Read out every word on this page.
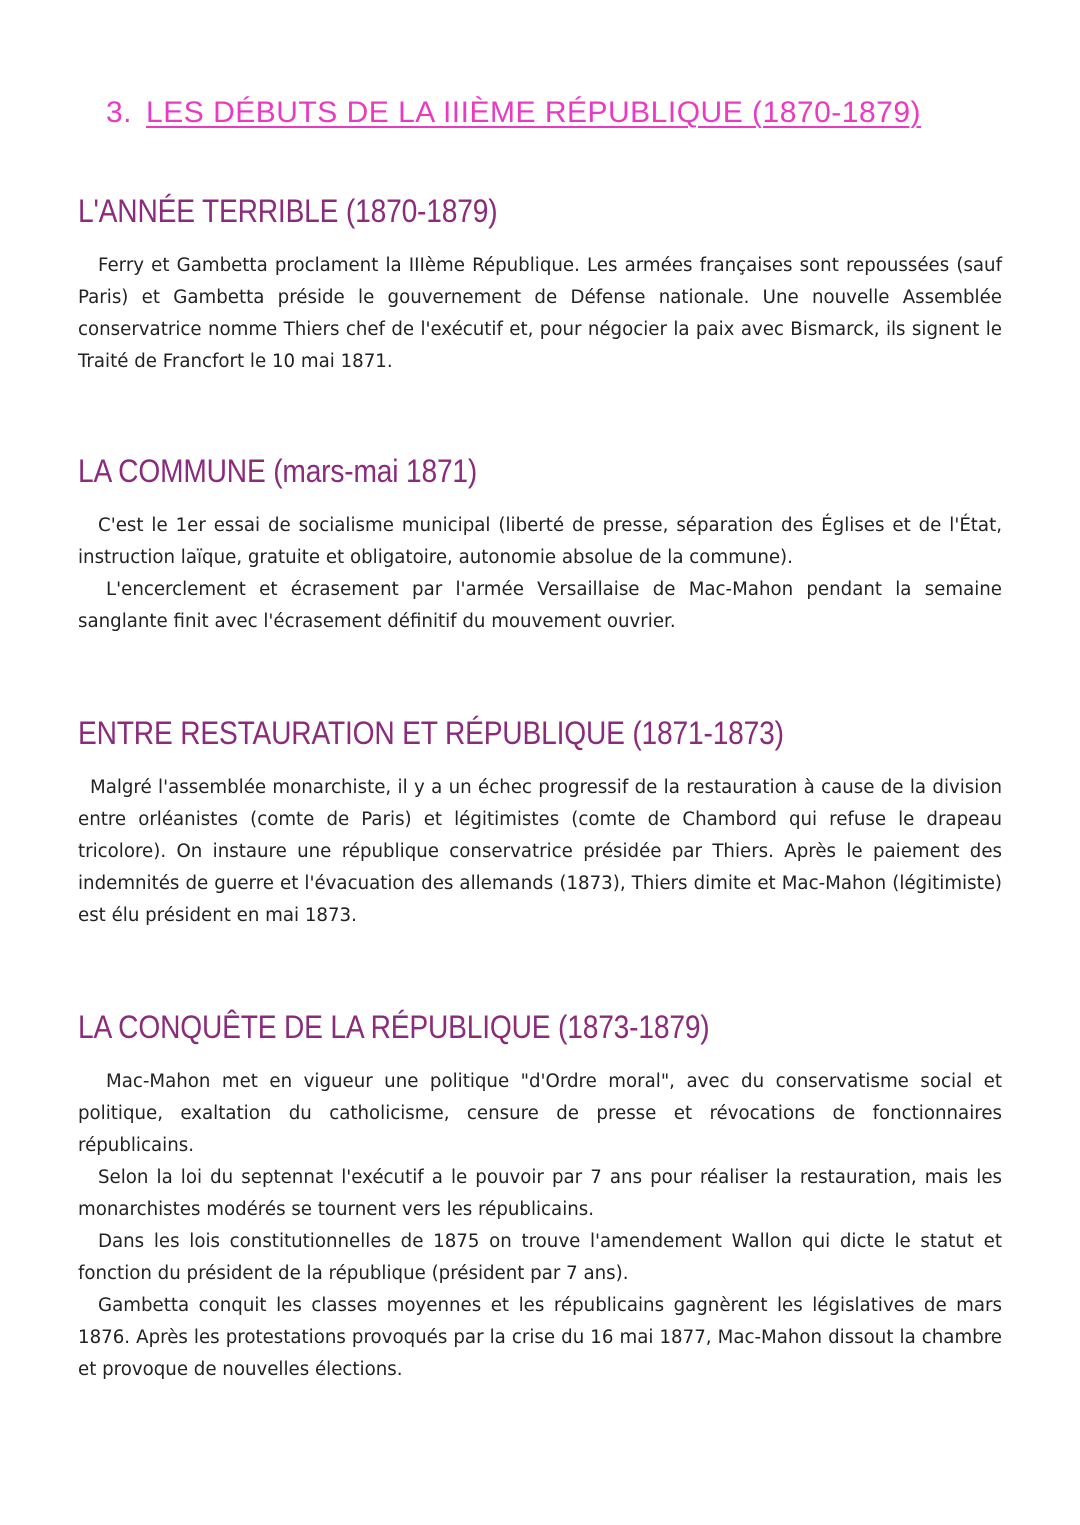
3. LES DÉBUTS DE LA IIIÈME RÉPUBLIQUE (1870-1879)
L'ANNÉE TERRIBLE (1870-1879)

Ferry et Gambetta proclament la IIIème République. Les armées françaises sont repoussées (sauf Paris) et Gambetta préside le gouvernement de Défense nationale. Une nouvelle Assemblée conservatrice nomme Thiers chef de l'exécutif et, pour négocier la paix avec Bismarck, ils signent le Traité de Francfort le 10 mai 1871.

LA COMMUNE (mars-mai 1871)

C'est le 1er essai de socialisme municipal (liberté de presse, séparation des Églises et de l'État, instruction laïque, gratuite et obligatoire, autonomie absolue de la commune).

L'encerclement et écrasement par l'armée Versaillaise de Mac-Mahon pendant la semaine sanglante finit avec l'écrasement définitif du mouvement ouvrier.

ENTRE RESTAURATION ET RÉPUBLIQUE (1871-1873)

Malgré l'assemblée monarchiste, il y a un échec progressif de la restauration à cause de la division entre orléanistes (comte de Paris) et légitimistes (comte de Chambord qui refuse le drapeau tricolore). On instaure une république conservatrice présidée par Thiers. Après le paiement des indemnités de guerre et l'évacuation des allemands (1873), Thiers dimite et Mac-Mahon (légitimiste) est élu président en mai 1873.

LA CONQUÊTE DE LA RÉPUBLIQUE (1873-1879)

Mac-Mahon met en vigueur une politique "d'Ordre moral", avec du conservatisme social et politique, exaltation du catholicisme, censure de presse et révocations de fonctionnaires républicains.

Selon la loi du septennat l'exécutif a le pouvoir par 7 ans pour réaliser la restauration, mais les monarchistes modérés se tournent vers les républicains.

Dans les lois constitutionnelles de 1875 on trouve l'amendement Wallon qui dicte le statut et fonction du président de la république (président par 7 ans).

Gambetta conquit les classes moyennes et les républicains gagnèrent les législatives de mars 1876. Après les protestations provoqués par la crise du 16 mai 1877, Mac-Mahon dissout la chambre et provoque de nouvelles élections.
